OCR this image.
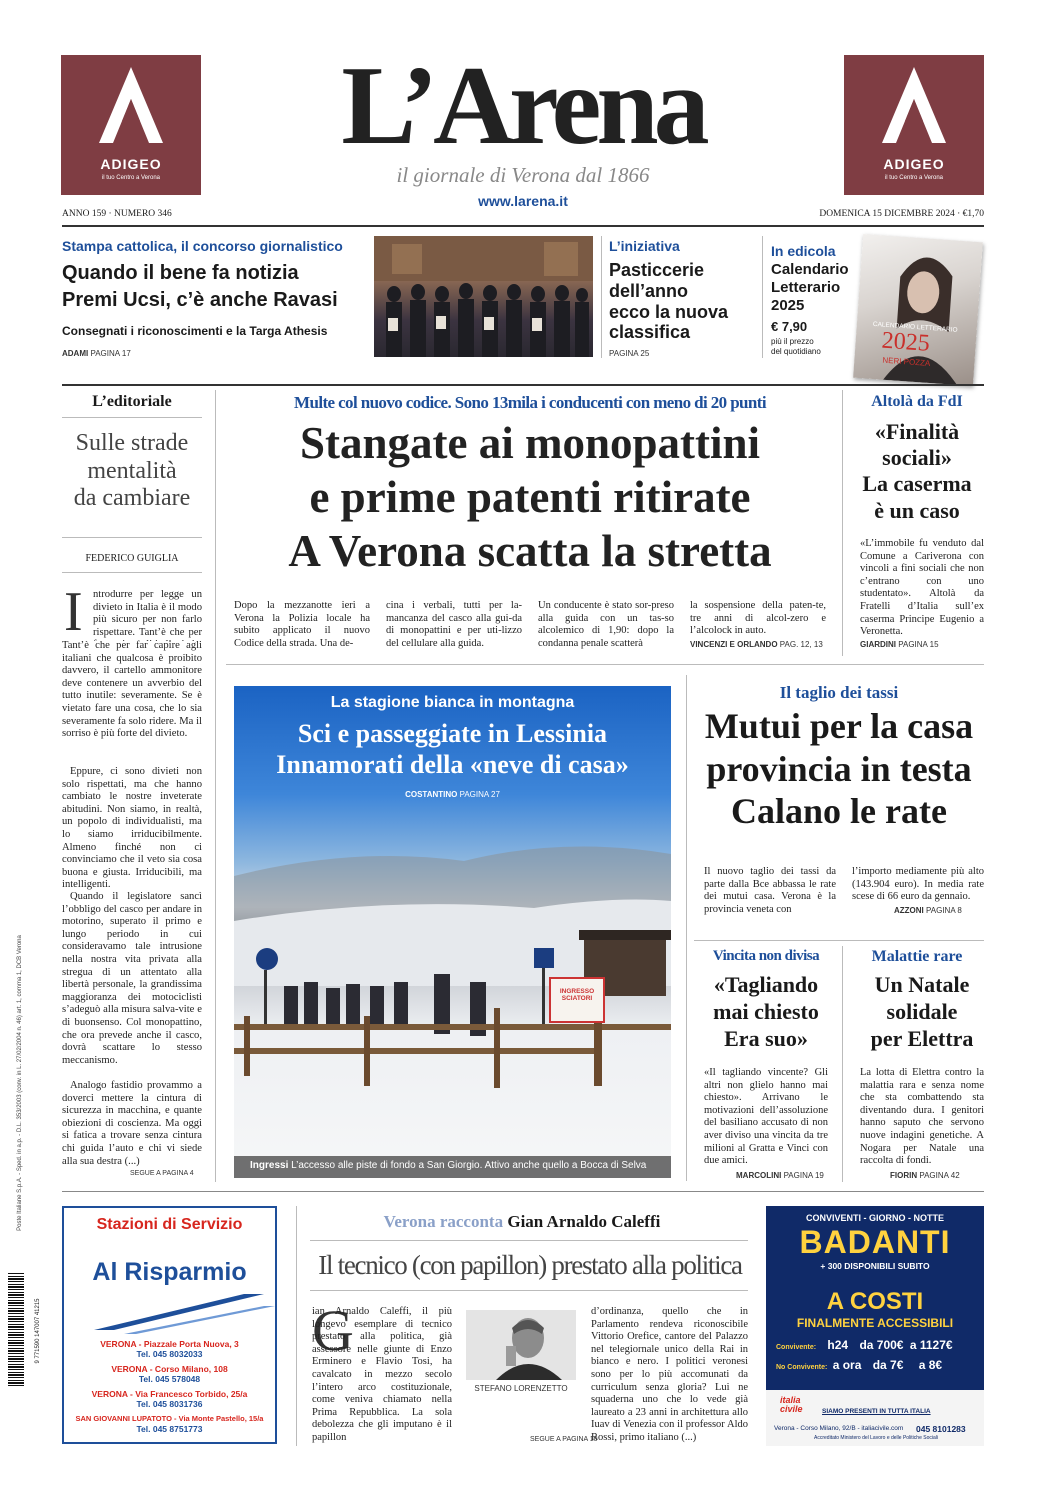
ADIGEO
il tuo Centro a Verona
ADIGEO
il tuo Centro a Verona
L’Arena
il giornale di Verona dal 1866
www.larena.it
ANNO 159 · NUMERO 346	DOMENICA 15 DICEMBRE 2024 · €1,70
Stampa cattolica, il concorso giornalistico
Quando il bene fa notizia
Premi Ucsi, c’è anche Ravasi
Consegnati i riconoscimenti e la Targa Athesis
ADAMI PAGINA 17
L’iniziativa
Pasticcerie
dell’anno
ecco la nuova
classifica
PAGINA 25
In edicola
Calendario
Letterario
2025
€ 7,90
più il prezzo
del quotidiano
CALENDARIO LETTERARIO
2025
NERI POZZA
L’editoriale
Sulle strade
mentalità
da cambiare
FEDERICO GUIGLIA
I ntrodurre per legge un divieto in Italia è il modo più sicuro per non farlo rispettare. Tant’è che per
Tant’è che per far capire agli italiani che qualcosa è proibito davvero, il cartello ammonitore deve contenere un avverbio del tutto inutile: severamente. Se è vietato fare una cosa, che lo sia severamente fa solo ridere. Ma il sorriso è più forte del divieto.
Eppure, ci sono divieti non solo rispettati, ma che hanno cambiato le nostre inveterate abitudini. Non siamo, in realtà, un popolo di individualisti, ma lo siamo irriducibilmente. Almeno finché non ci convinciamo che il veto sia cosa buona e giusta. Irriducibili, ma intelligenti.
Quando il legislatore sancì l’obbligo del casco per andare in motorino, superato il primo e lungo periodo in cui consideravamo tale intrusione nella nostra vita privata alla stregua di un attentato alla libertà personale, la grandissima maggioranza dei motociclisti s’adeguò alla misura salva-vite e di buonsenso. Col monopattino, che ora prevede anche il casco, dovrà scattare lo stesso meccanismo.
Analogo fastidio provammo a doverci mettere la cintura di sicurezza in macchina, e quante obiezioni di coscienza. Ma oggi si fatica a trovare senza cintura chi guida l’auto e chi vi siede alla sua destra (...)
SEGUE A PAGINA 4
Multe col nuovo codice. Sono 13mila i conducenti con meno di 20 punti
Stangate ai monopattini
e prime patenti ritirate
A Verona scatta la stretta
Dopo la mezzanotte ieri a Verona la Polizia locale ha subito applicato il nuovo Codice della strada. Una de-
cina i verbali, tutti per la-mancanza del casco alla gui-da di monopattini e per uti-lizzo del cellulare alla guida.
Un conducente è stato sor-preso alla guida con un tas-so alcolemico di 1,90: dopo la condanna penale scatterà
la sospensione della paten-te, tre anni di alcol-zero e l’alcolock in auto.
VINCENZI E ORLANDO PAG. 12, 13
Altolà da FdI
«Finalità
sociali»
La caserma
è un caso
«L’immobile fu venduto dal Comune a Cariverona con vincoli a fini sociali che non c’entrano con uno studentato». Altolà da Fratelli d’Italia sull’ex caserma Principe Eugenio a Veronetta.
GIARDINI PAGINA 15
La stagione bianca in montagna
Sci e passeggiate in Lessinia
Innamorati della «neve di casa»
COSTANTINO PAGINA 27
INGRESSO SCIATORI
Ingressi L’accesso alle piste di fondo a San Giorgio. Attivo anche quello a Bocca di Selva
Il taglio dei tassi
Mutui per la casa
provincia in testa
Calano le rate
Il nuovo taglio dei tassi da parte dalla Bce abbassa le rate dei mutui casa. Verona è la provincia veneta con
l’importo mediamente più alto (143.904 euro). In media rate scese di 66 euro da gennaio.
AZZONI PAGINA 8
Vincita non divisa
«Tagliando
mai chiesto
Era suo»
«Il tagliando vincente? Gli altri non glielo hanno mai chiesto». Arrivano le motivazioni dell’assoluzione del basiliano accusato di non aver diviso una vincita da tre milioni al Gratta e Vinci con due amici.
MARCOLINI PAGINA 19
Malattie rare
Un Natale
solidale
per Elettra
La lotta di Elettra contro la malattia rara e senza nome che sta combattendo sta diventando dura. I genitori hanno saputo che servono nuove indagini genetiche. A Nogara per Natale una raccolta di fondi.
FIORIN PAGINA 42
Stazioni di Servizio
Al Risparmio
VERONA - Piazzale Porta Nuova, 3
Tel. 045 8032033
VERONA - Corso Milano, 108
Tel. 045 578048
VERONA - Via Francesco Torbido, 25/a
Tel. 045 8031736
SAN GIOVANNI LUPATOTO - Via Monte Pastello, 15/a
Tel. 045 8751773
Verona racconta Gian Arnaldo Caleffi
Il tecnico (con papillon) prestato alla politica
G
ian Arnaldo Caleffi, il più longevo esemplare di tecnico prestato alla politica, già assessore nelle giunte di Enzo Erminero e Flavio Tosi, ha cavalcato in mezzo secolo l’intero arco costituzionale, come veniva chiamato nella Prima Repubblica. La sola debolezza che gli imputano è il papillon
STEFANO LORENZETTO
d’ordinanza, quello che in Parlamento rendeva riconoscibile Vittorio Orefice, cantore del Palazzo nel telegiornale unico della Rai in bianco e nero. I politici veronesi sono per lo più accomunati da curriculum senza gloria? Lui ne squaderna uno che lo vede già laureato a 23 anni in architettura allo Iuav di Venezia con il professor Aldo Rossi, primo italiano (...)
SEGUE A PAGINA 10
CONVIVENTI - GIORNO - NOTTE
BADANTI
+ 300 DISPONIBILI SUBITO
A COSTI
FINALMENTE ACCESSIBILI
Convivente: h24 da 700€ a 1127€
No Convivente: a ora da 7€ a 8€
italia civile	SIAMO PRESENTI IN TUTTA ITALIA
Verona - Corso Milano, 92/B - italiacivile.com 045 8101283
Accreditato Ministero del Lavoro e delle Politiche Sociali
Poste Italiane S.p.A. - Sped. in a.p. - D.L. 353/2003 (conv. in L. 27/02/2004 n. 46) art. 1, comma 1, DCB Verona
9 771590 147007 41215
